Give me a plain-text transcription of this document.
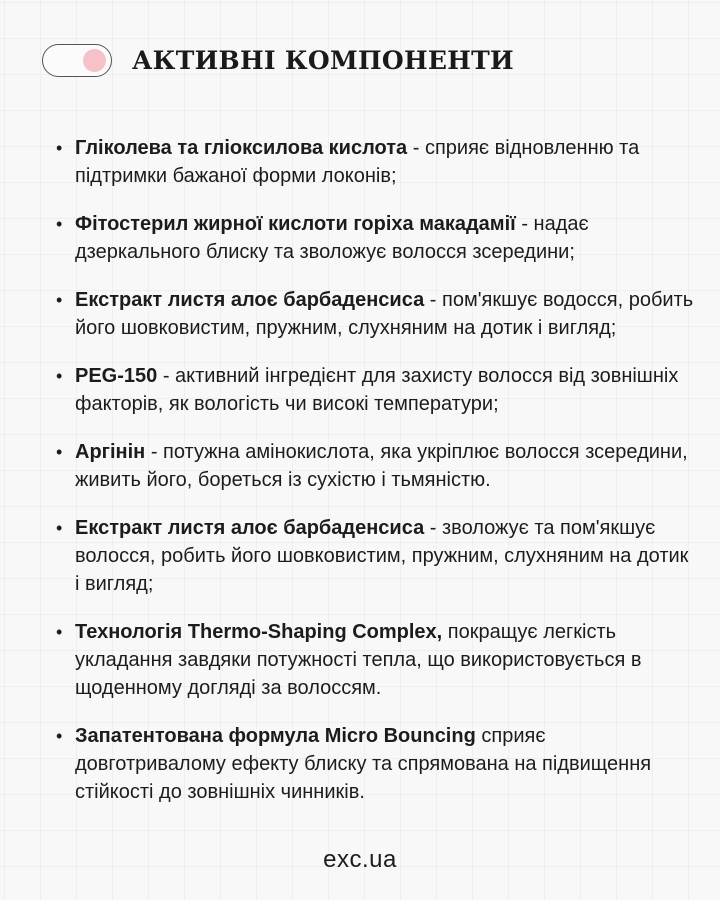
АКТИВНІ КОМПОНЕНТИ
• Гліколева та гліоксилова кислота - сприяє відновленню та підтримки бажаної форми локонів;
• Фітостерил жирної кислоти горіха макадамії - надає дзеркального блиску та зволожує волосся зсередини;
• Екстракт листя алоє барбаденсиса - пом'якшує водосся, робить його шовковистим, пружним, слухняним на дотик і вигляд;
• PEG-150 - активний інгредієнт для захисту волосся від зовнішніх факторів, як вологість чи високі температури;
• Аргінін - потужна амінокислота, яка укріплює волосся зсередини, живить його, бореться із сухістю і тьмяністю.
• Екстракт листя алоє барбаденсиса - зволожує та пом'якшує волосся, робить його шовковистим, пружним, слухняним на дотик і вигляд;
• Технологія Thermo-Shaping Complex, покращує легкість укладання завдяки потужності тепла, що використовується в щоденному догляді за волоссям.
• Запатентована формула Micro Bouncing сприяє довготривалому ефекту блиску та спрямована на підвищення стійкості до зовнішніх чинників.
exc.ua
